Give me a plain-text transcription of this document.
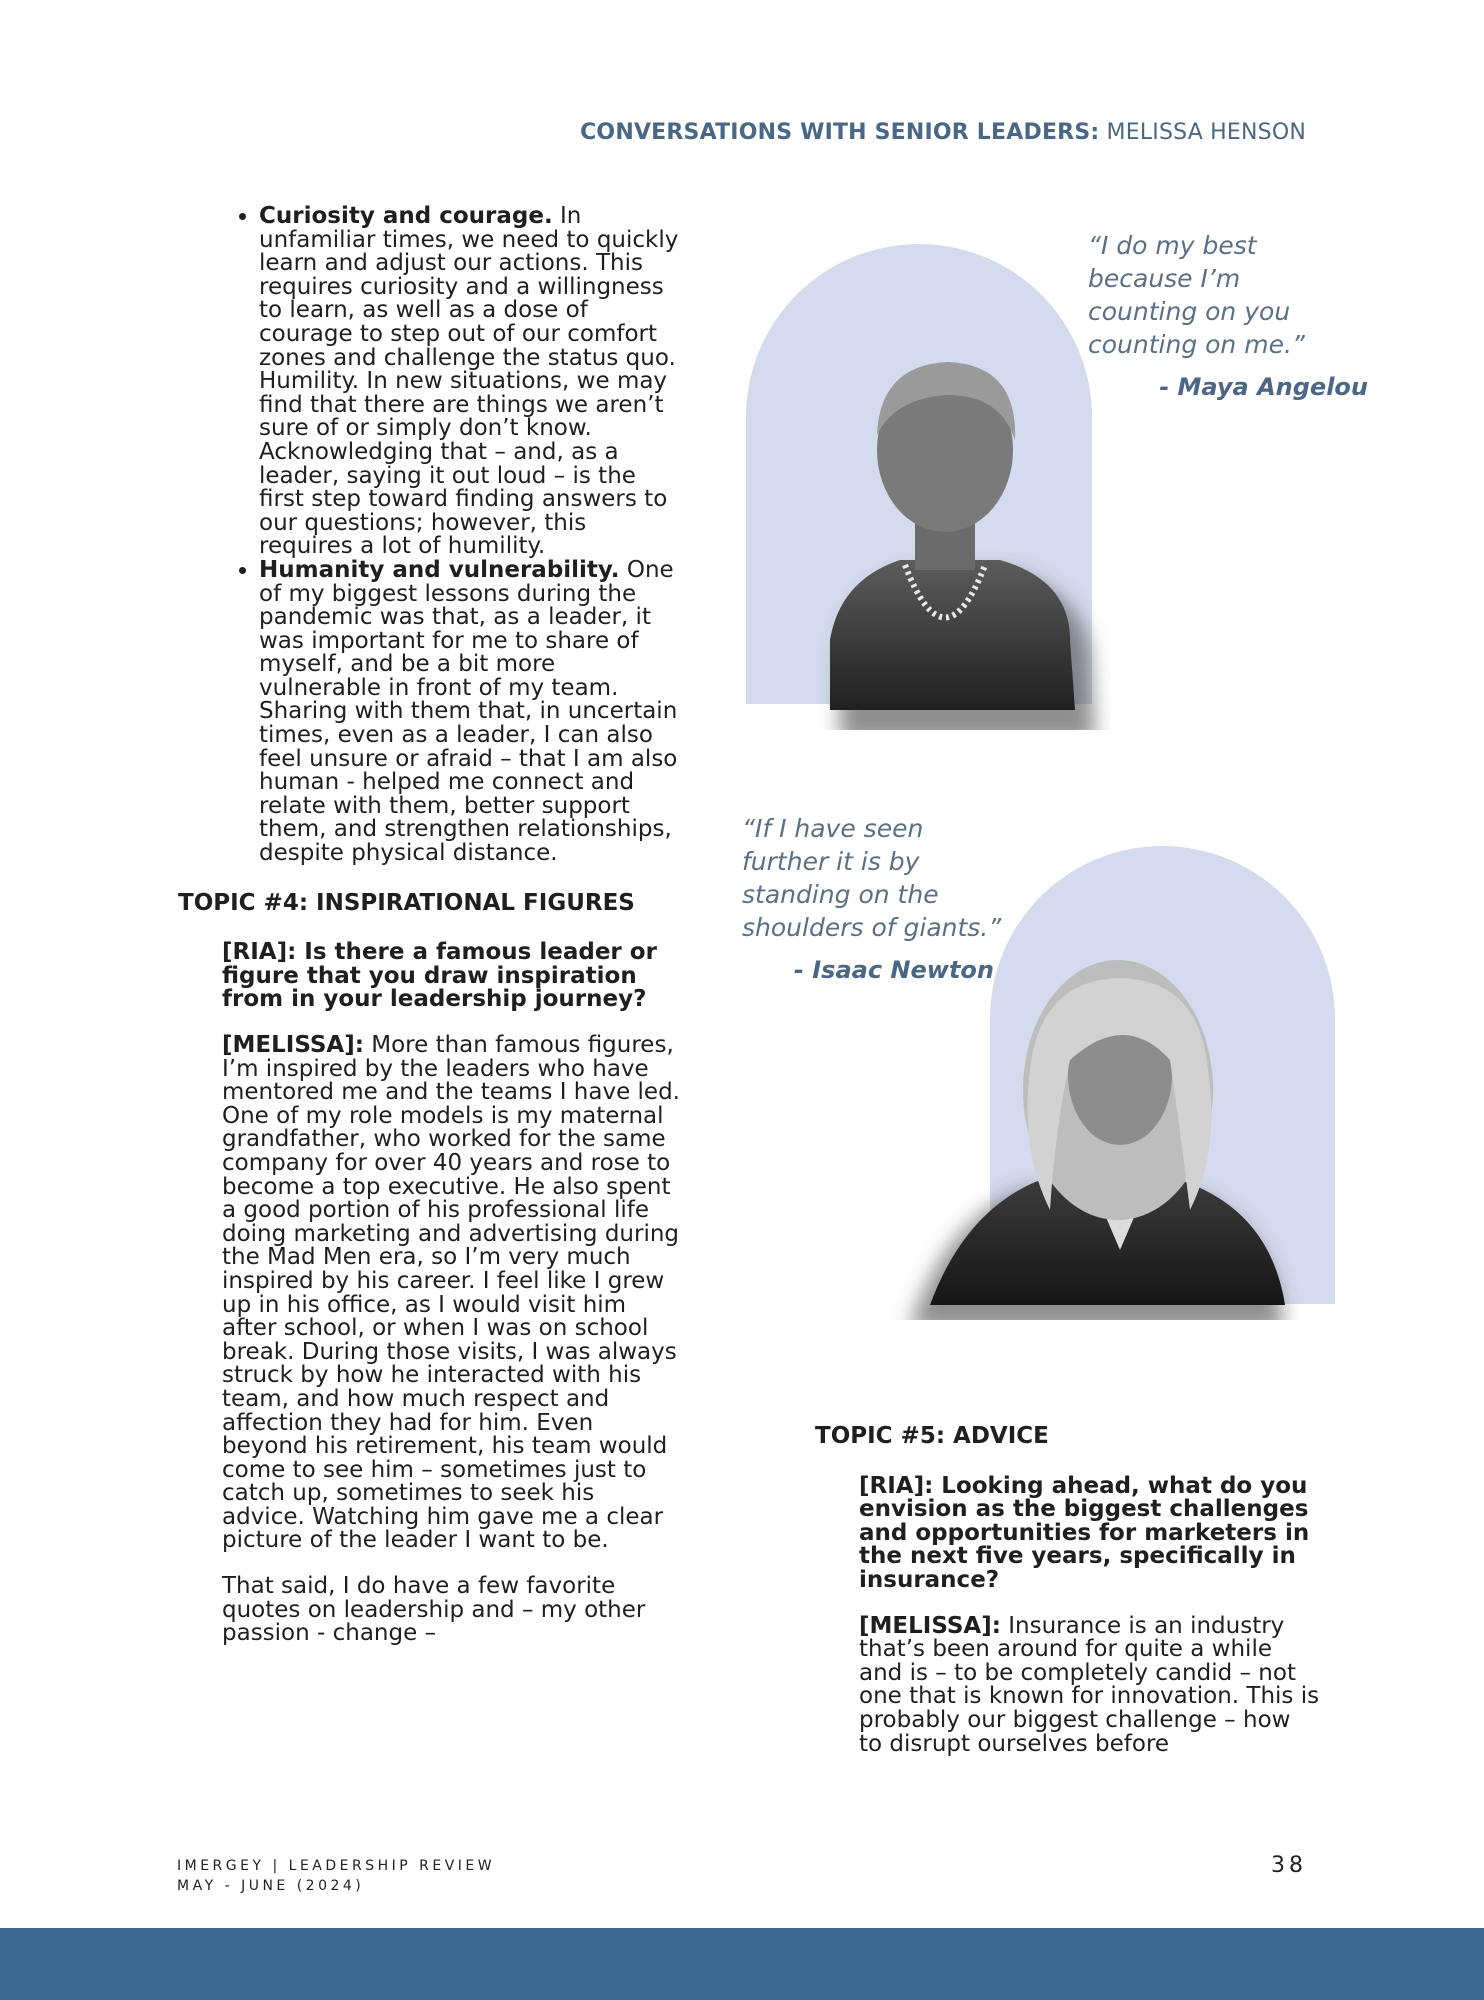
CONVERSATIONS WITH SENIOR LEADERS: MELISSA HENSON
• Curiosity and courage. In unfamiliar times, we need to quickly learn and adjust our actions. This requires curiosity and a willingness to learn, as well as a dose of courage to step out of our comfort zones and challenge the status quo. Humility. In new situations, we may find that there are things we aren’t sure of or simply don’t know. Acknowledging that – and, as a leader, saying it out loud – is the first step toward finding answers to our questions; however, this requires a lot of humility.
• Humanity and vulnerability. One of my biggest lessons during the pandemic was that, as a leader, it was important for me to share of myself, and be a bit more vulnerable in front of my team. Sharing with them that, in uncertain times, even as a leader, I can also feel unsure or afraid – that I am also human - helped me connect and relate with them, better support them, and strengthen relationships, despite physical distance.
TOPIC #4: INSPIRATIONAL FIGURES

[RIA]: Is there a famous leader or figure that you draw inspiration from in your leadership journey?

[MELISSA]: More than famous figures, I’m inspired by the leaders who have mentored me and the teams I have led. One of my role models is my maternal grandfather, who worked for the same company for over 40 years and rose to become a top executive. He also spent a good portion of his professional life doing marketing and advertising during the Mad Men era, so I’m very much inspired by his career. I feel like I grew up in his office, as I would visit him after school, or when I was on school break. During those visits, I was always struck by how he interacted with his team, and how much respect and affection they had for him. Even beyond his retirement, his team would come to see him – sometimes just to catch up, sometimes to seek his advice. Watching him gave me a clear picture of the leader I want to be.

That said, I do have a few favorite quotes on leadership and – my other passion - change –

“I do my best because I’m counting on you counting on me.”
- Maya Angelou
“If I have seen further it is by standing on the shoulders of giants.”
- Isaac Newton
TOPIC #5: ADVICE

[RIA]: Looking ahead, what do you envision as the biggest challenges and opportunities for marketers in the next five years, specifically in insurance?

[MELISSA]: Insurance is an industry that’s been around for quite a while and is – to be completely candid – not one that is known for innovation. This is probably our biggest challenge – how to disrupt ourselves before

IMERGEY | LEADERSHIP REVIEW
MAY - JUNE (2024)
38
